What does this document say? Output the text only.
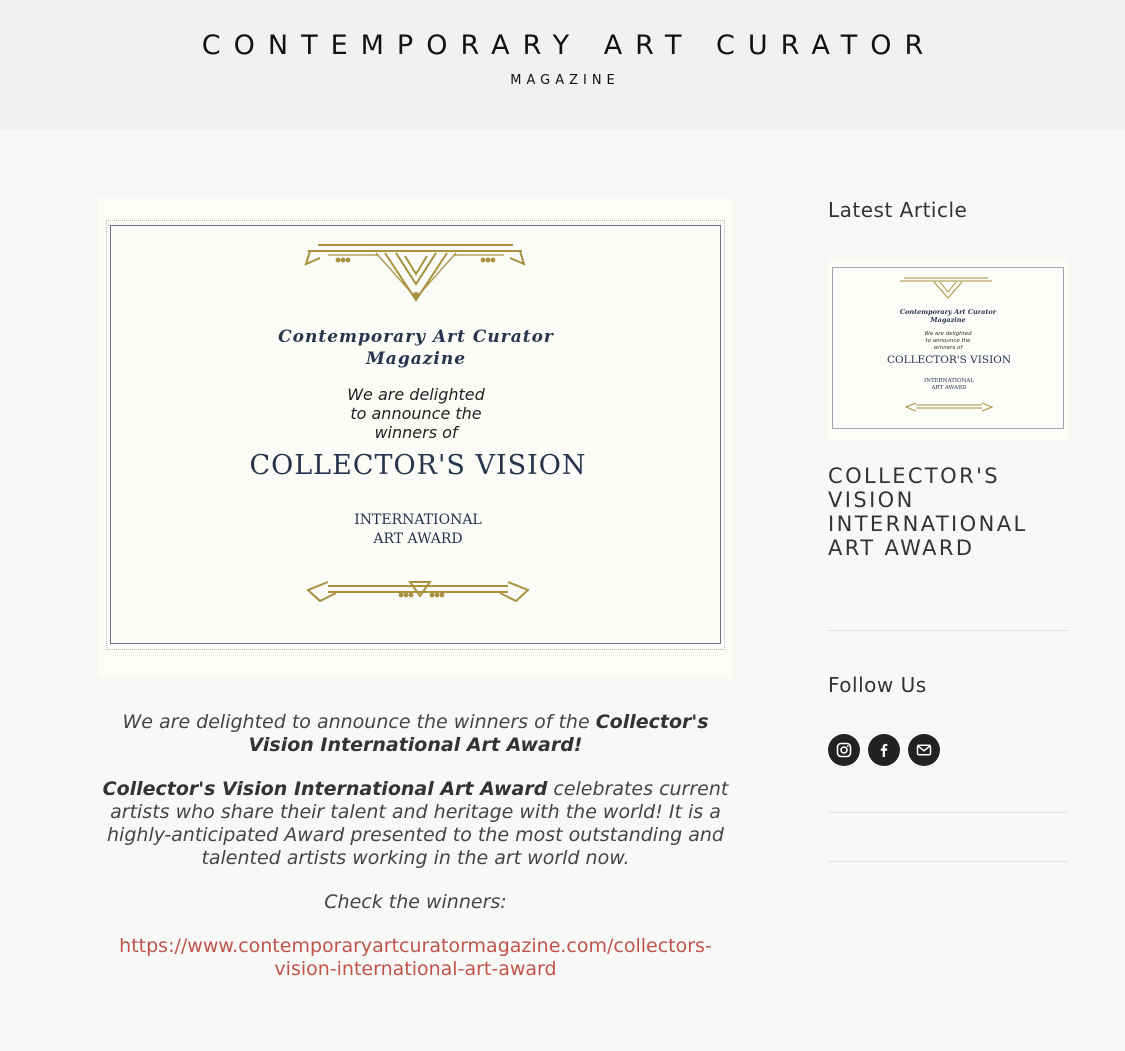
CONTEMPORARY ART CURATOR
MAGAZINE
Contemporary Art Curator
Magazine
We are delighted
to announce the
winners of
COLLECTOR'S VISION
INTERNATIONAL
ART AWARD

We are delighted to announce the winners of the Collector's Vision International Art Award!

Collector's Vision International Art Award celebrates current artists who share their talent and heritage with the world! It is a highly-anticipated Award presented to the most outstanding and talented artists working in the art world now.

Check the winners:

https://www.contemporaryartcuratormagazine.com/collectors-vision-international-art-award

Latest Article
Contemporary Art Curator
Magazine
We are delighted
to announce the
winners of
COLLECTOR'S VISION
INTERNATIONAL
ART AWARD
COLLECTOR'S VISION INTERNATIONAL ART AWARD
Follow Us
